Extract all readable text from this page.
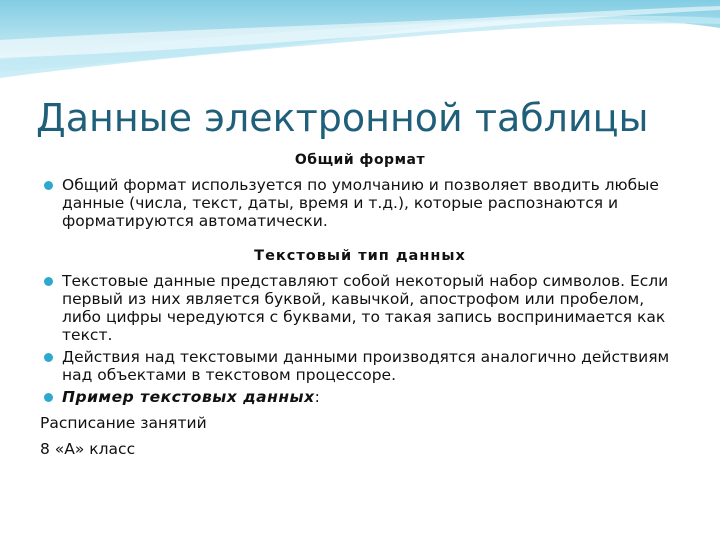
Данные электронной таблицы
Общий формат
Общий формат используется по умолчанию и позволяет вводить любые данные (числа, текст, даты, время и т.д.), которые распознаются и форматируются автоматически.
Текстовый тип данных
Текстовые данные представляют собой некоторый набор символов. Если первый из них является буквой, кавычкой, апострофом или пробелом, либо цифры чередуются с буквами, то такая запись воспринимается как текст.
Действия над текстовыми данными производятся аналогично действиям над объектами в текстовом процессоре.
Пример текстовых данных:
Расписание занятий
8 «А» класс
